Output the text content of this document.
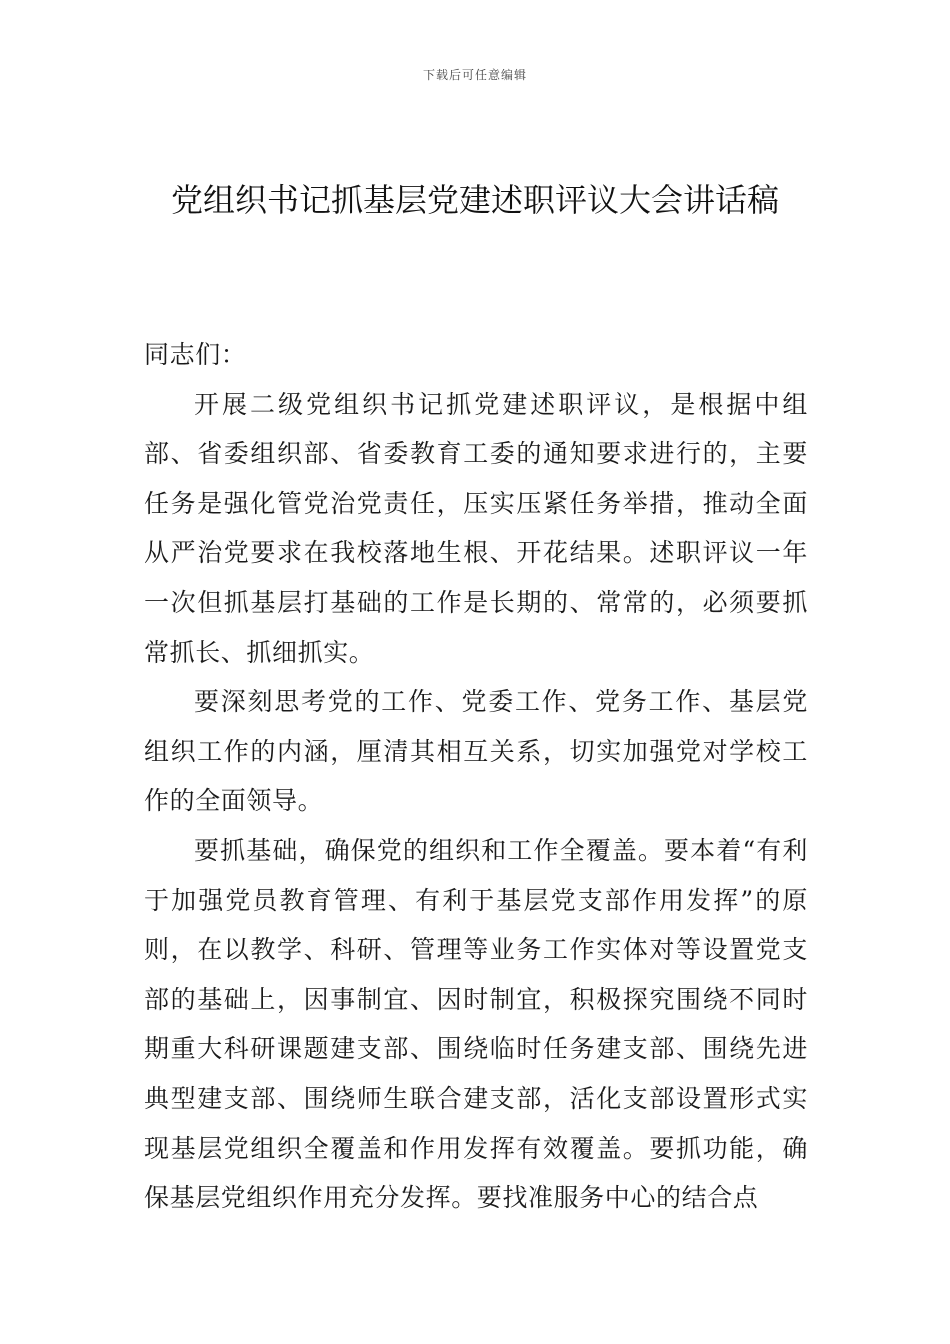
下载后可任意编辑
党组织书记抓基层党建述职评议大会讲话稿

同志们：

开展二级党组织书记抓党建述职评议，是根据中组部、省委组织部、省委教育工委的通知要求进行的，主要任务是强化管党治党责任，压实压紧任务举措，推动全面从严治党要求在我校落地生根、开花结果。述职评议一年一次但抓基层打基础的工作是长期的、常常的，必须要抓常抓长、抓细抓实。

要深刻思考党的工作、党委工作、党务工作、基层党组织工作的内涵，厘清其相互关系，切实加强党对学校工作的全面领导。

要抓基础，确保党的组织和工作全覆盖。要本着“有利于加强党员教育管理、有利于基层党支部作用发挥”的原则，在以教学、科研、管理等业务工作实体对等设置党支部的基础上，因事制宜、因时制宜，积极探究围绕不同时期重大科研课题建支部、围绕临时任务建支部、围绕先进典型建支部、围绕师生联合建支部，活化支部设置形式实现基层党组织全覆盖和作用发挥有效覆盖。要抓功能，确保基层党组织作用充分发挥。要找准服务中心的结合点
